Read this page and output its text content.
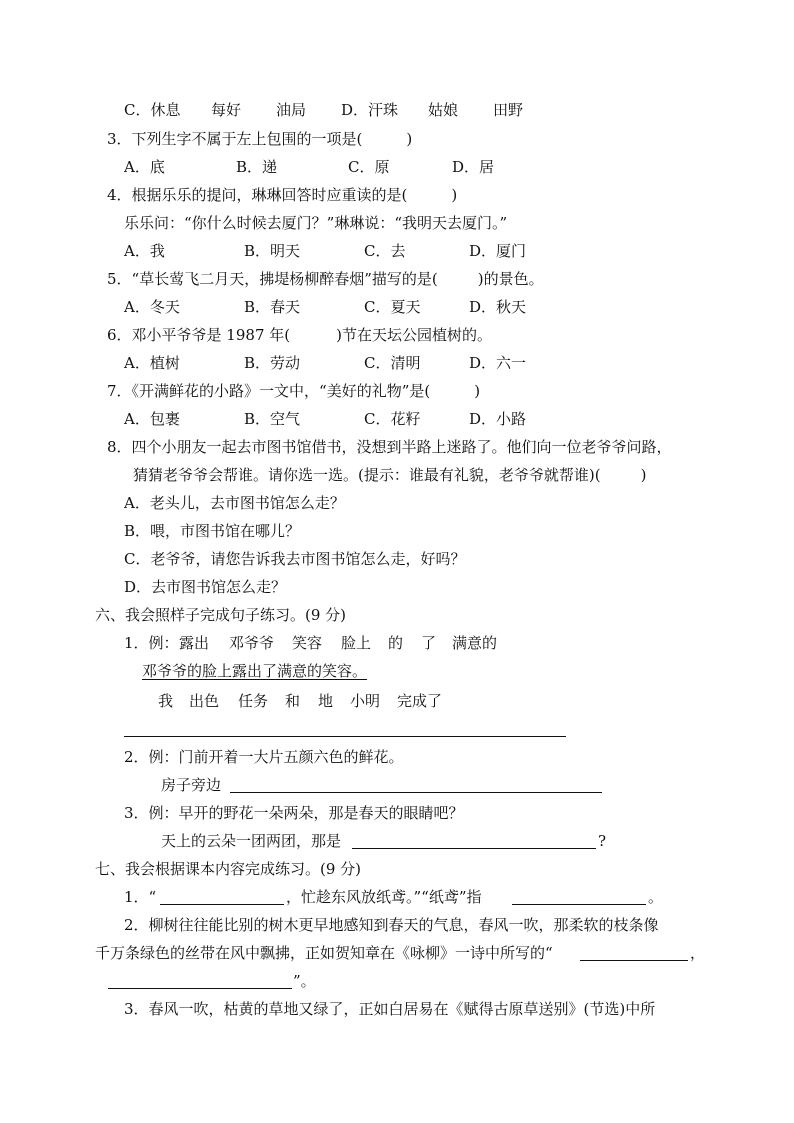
C．休息 每好 油局 D．汗珠 姑娘 田野
3．下列生字不属于左上包围的一项是(	)
A．底	B．递	C．原	D．居
4．根据乐乐的提问，琳琳回答时应重读的是(	)
乐乐问：“你什么时候去厦门？”琳琳说：“我明天去厦门。”
A．我	B．明天	C．去	D．厦门
5．“草长莺飞二月天，拂堤杨柳醉春烟”描写的是(	)的景色。
A．冬天	B．春天	C．夏天	D．秋天
6．邓小平爷爷是 1987 年(	)节在天坛公园植树的。
A．植树	B．劳动	C．清明	D．六一
7．《开满鲜花的小路》一文中，“美好的礼物”是(	)
A．包裹	B．空气	C．花籽	D．小路
8．四个小朋友一起去市图书馆借书，没想到半路上迷路了。他们向一位老爷爷问路，
猜猜老爷爷会帮谁。请你选一选。(提示：谁最有礼貌，老爷爷就帮谁)(	)
A．老头儿，去市图书馆怎么走？
B．喂，市图书馆在哪儿？
C．老爷爷，请您告诉我去市图书馆怎么走，好吗？
D．去市图书馆怎么走？
六、我会照样子完成句子练习。(9 分)
1．例： 露出 邓爷爷 笑容 脸上 的 了 满意的
邓爷爷的脸上露出了满意的笑容。
我 出色 任务 和 地 小明 完成了
2．例：门前开着一大片五颜六色的鲜花。
房子旁边
3．例：早开的野花一朵两朵，那是春天的眼睛吧？
天上的云朵一团两团，那是	?
七、我会根据课本内容完成练习。(9 分)
1．“	，忙趁东风放纸鸢。”“纸鸢”指	。
2．柳树往往能比别的树木更早地感知到春天的气息，春风一吹，那柔软的枝条像
千万条绿色的丝带在风中飘拂，正如贺知章在《咏柳》一诗中所写的“	，
”。
3．春风一吹，枯黄的草地又绿了，正如白居易在《赋得古原草送别》(节选)中所
